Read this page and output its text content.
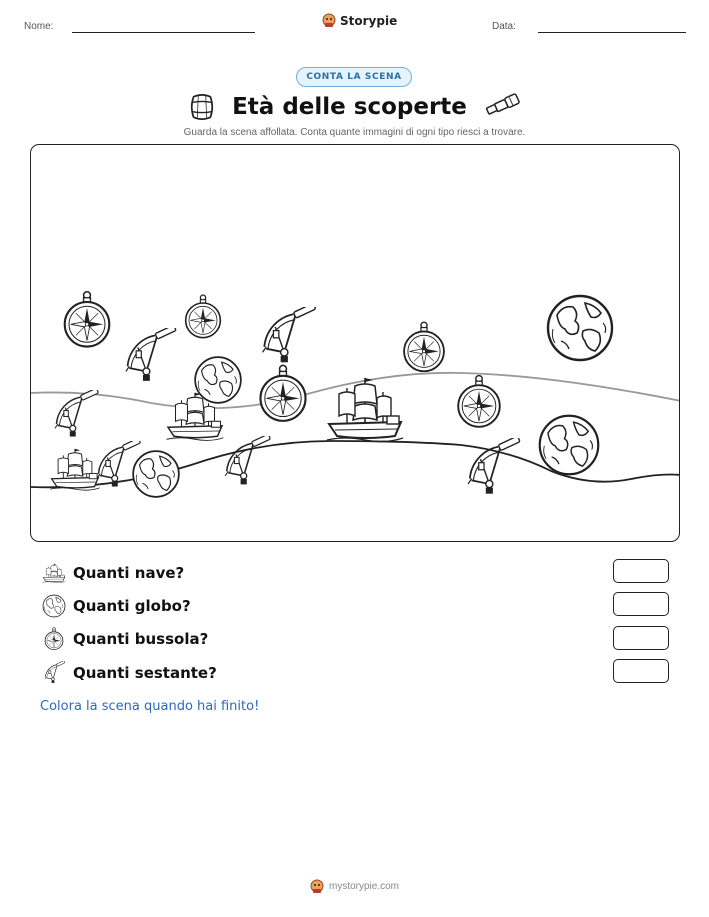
Nome:	Storypie	Data:
CONTA LA SCENA
Età delle scoperte
Guarda la scena affollata. Conta quante immagini di ogni tipo riesci a trovare.
Quanti nave?
Quanti globo?
Quanti bussola?
Quanti sestante?
Colora la scena quando hai finito!
mystorypie.com
